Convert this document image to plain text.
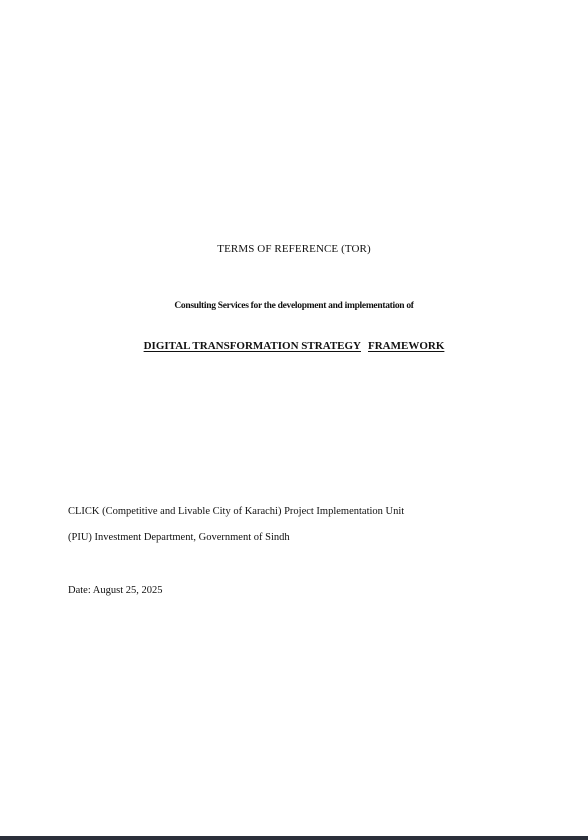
TERMS OF REFERENCE (TOR)
Consulting Services for the development and implementation of
DIGITAL TRANSFORMATION STRATEGY FRAMEWORK
CLICK (Competitive and Livable City of Karachi) Project Implementation Unit
(PIU) Investment Department, Government of Sindh
Date: August 25, 2025
